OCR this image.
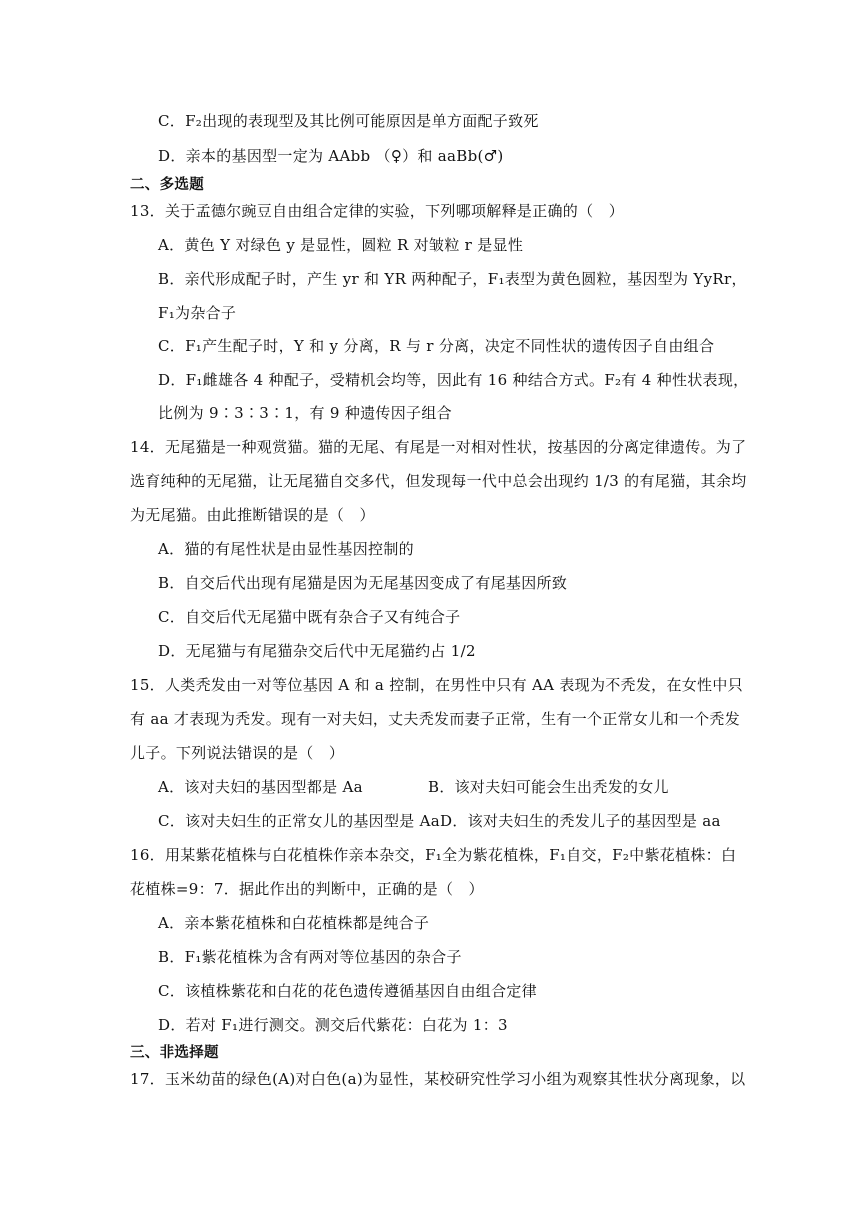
C．F₂出现的表现型及其比例可能原因是单方面配子致死
D．亲本的基因型一定为 AAbb （♀）和 aaBb(♂)
二、多选题
13．关于孟德尔豌豆自由组合定律的实验，下列哪项解释是正确的（　）
A．黄色 Y 对绿色 y 是显性，圆粒 R 对皱粒 r 是显性
B．亲代形成配子时，产生 yr 和 YR 两种配子，F₁表型为黄色圆粒，基因型为 YyRr，
F₁为杂合子
C．F₁产生配子时，Y 和 y 分离，R 与 r 分离，决定不同性状的遗传因子自由组合
D．F₁雌雄各 4 种配子，受精机会均等，因此有 16 种结合方式。F₂有 4 种性状表现，
比例为 9∶3∶3∶1，有 9 种遗传因子组合
14．无尾猫是一种观赏猫。猫的无尾、有尾是一对相对性状，按基因的分离定律遗传。为了
选育纯种的无尾猫，让无尾猫自交多代，但发现每一代中总会出现约 1/3 的有尾猫，其余均
为无尾猫。由此推断错误的是（　）
A．猫的有尾性状是由显性基因控制的
B．自交后代出现有尾猫是因为无尾基因变成了有尾基因所致
C．自交后代无尾猫中既有杂合子又有纯合子
D．无尾猫与有尾猫杂交后代中无尾猫约占 1/2
15．人类秃发由一对等位基因 A 和 a 控制，在男性中只有 AA 表现为不秃发，在女性中只
有 aa 才表现为秃发。现有一对夫妇，丈夫秃发而妻子正常，生有一个正常女儿和一个秃发
儿子。下列说法错误的是（　）
A．该对夫妇的基因型都是 Aa	B．该对夫妇可能会生出秃发的女儿
C．该对夫妇生的正常女儿的基因型是 AaD．该对夫妇生的秃发儿子的基因型是 aa
16．用某紫花植株与白花植株作亲本杂交，F₁全为紫花植株，F₁自交，F₂中紫花植株：白
花植株=9：7．据此作出的判断中，正确的是（　）
A．亲本紫花植株和白花植株都是纯合子
B．F₁紫花植株为含有两对等位基因的杂合子
C．该植株紫花和白花的花色遗传遵循基因自由组合定律
D．若对 F₁进行测交。测交后代紫花：白花为 1：3
三、非选择题
17．玉米幼苗的绿色(A)对白色(a)为显性，某校研究性学习小组为观察其性状分离现象，以
